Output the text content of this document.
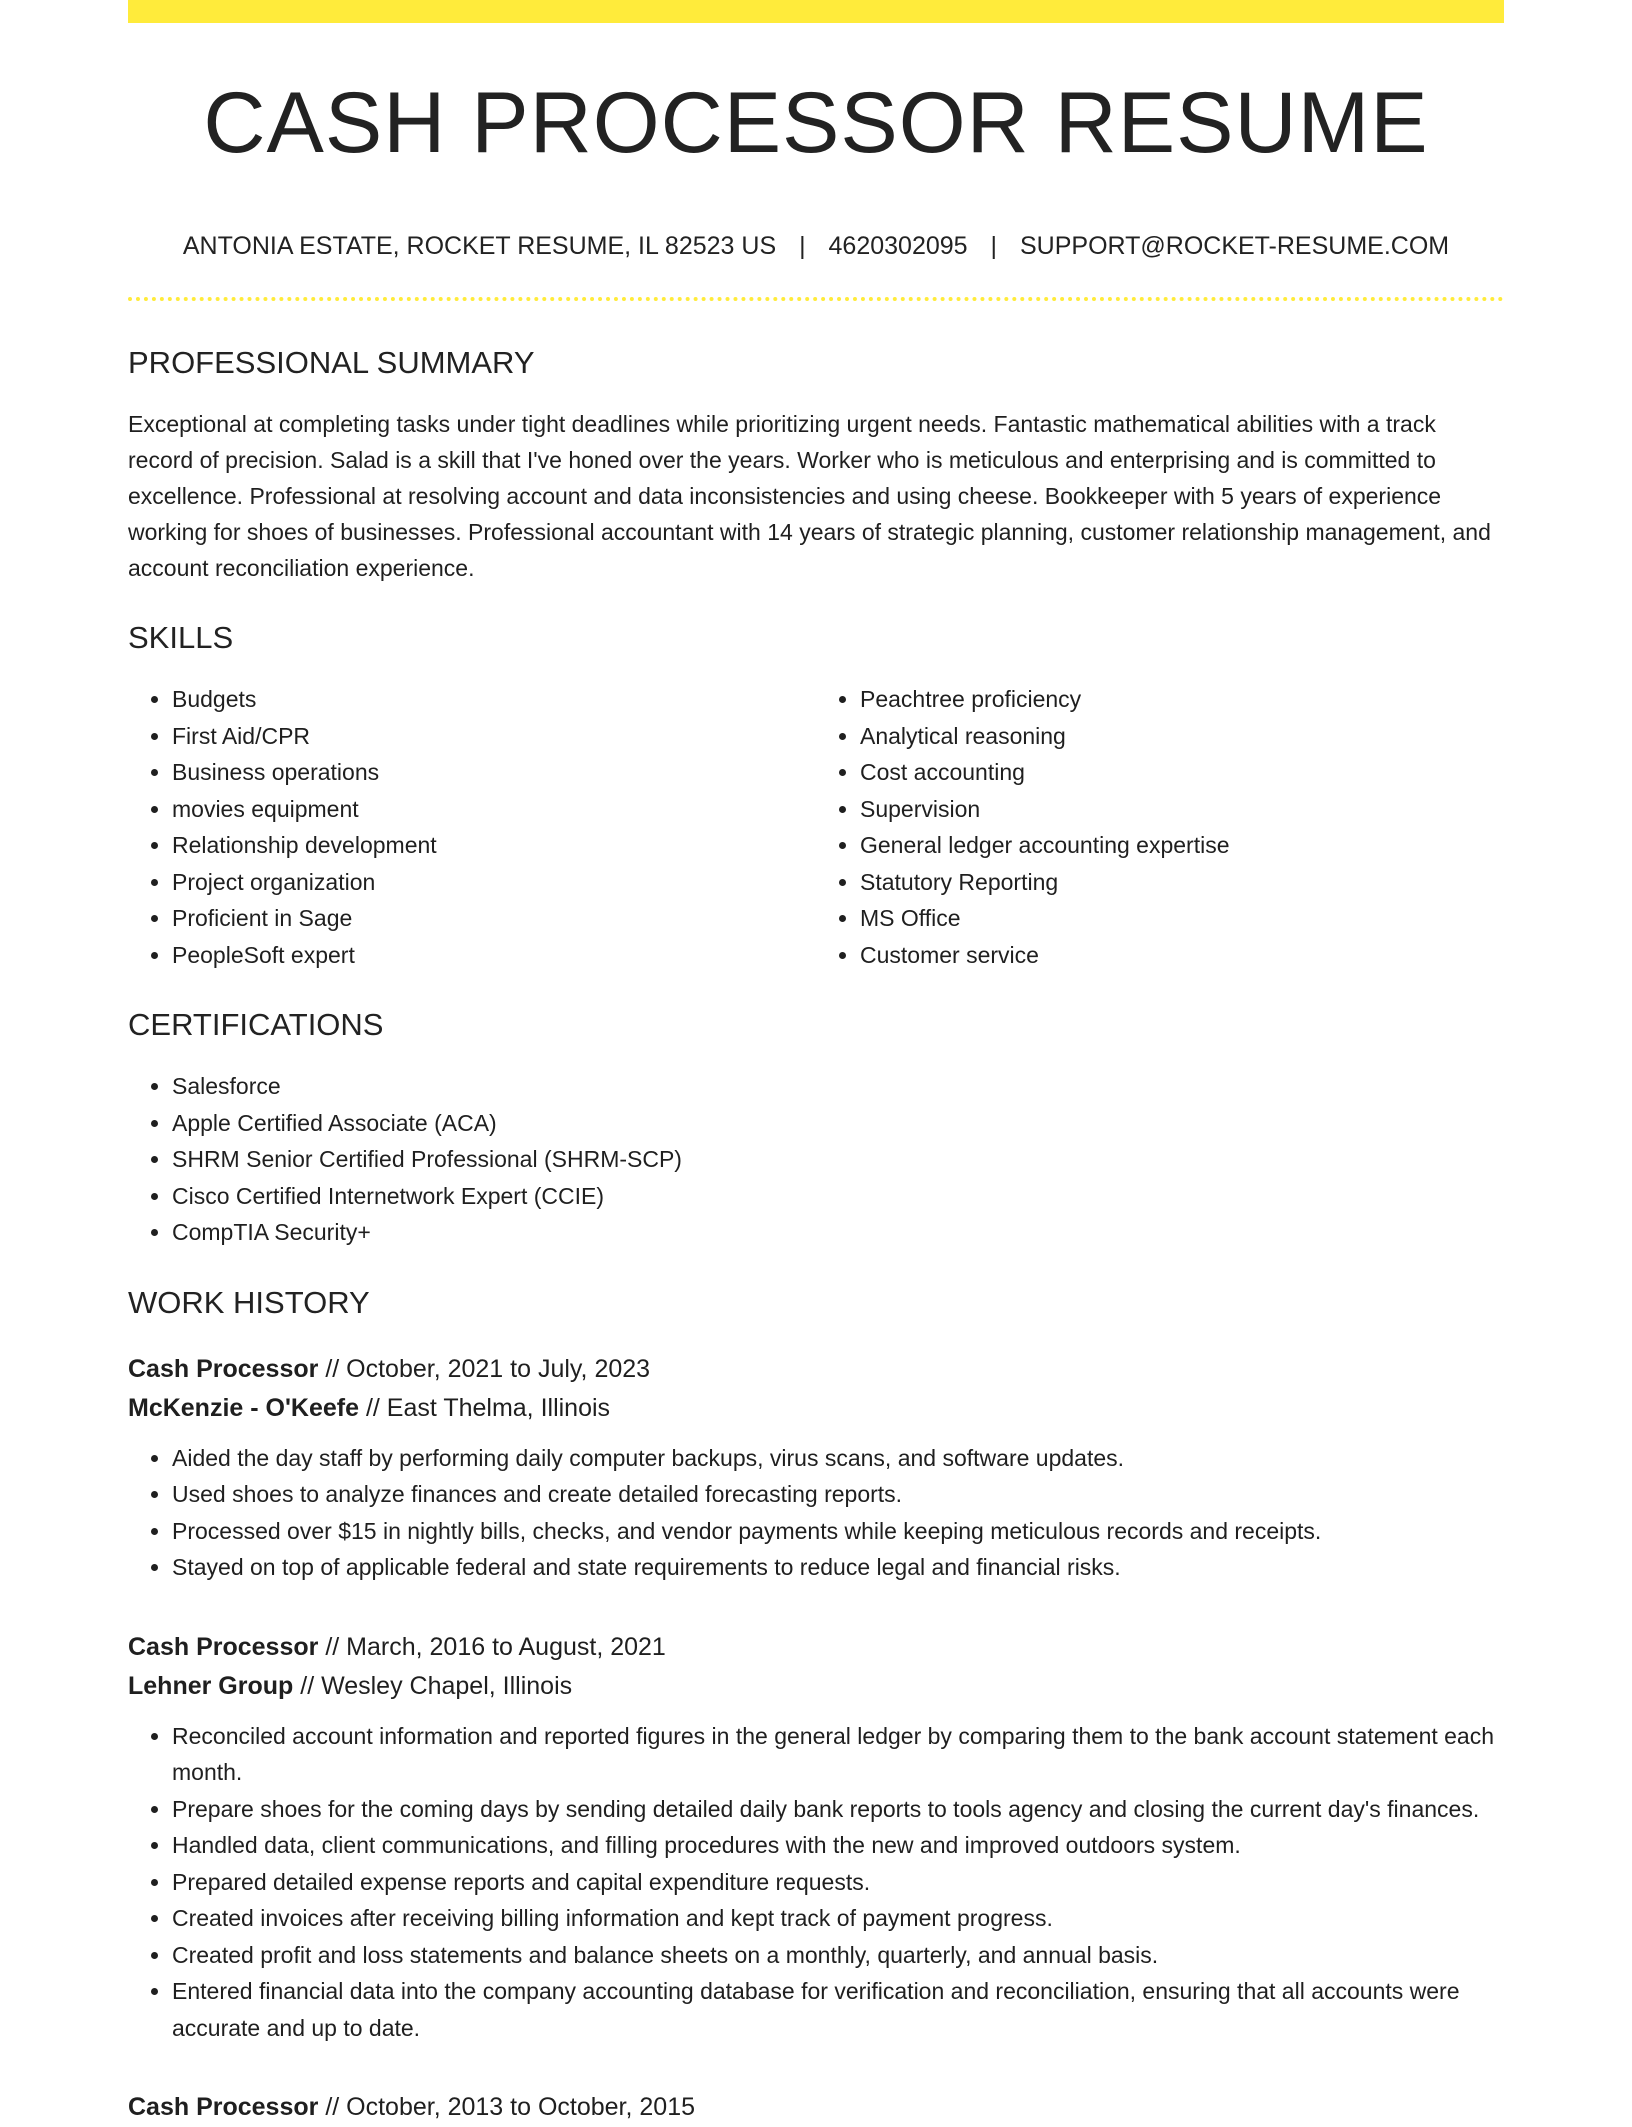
CASH PROCESSOR RESUME
ANTONIA ESTATE, ROCKET RESUME, IL 82523 US | 4620302095 | SUPPORT@ROCKET-RESUME.COM
PROFESSIONAL SUMMARY

Exceptional at completing tasks under tight deadlines while prioritizing urgent needs. Fantastic mathematical abilities with a track record of precision. Salad is a skill that I've honed over the years. Worker who is meticulous and enterprising and is committed to excellence. Professional at resolving account and data inconsistencies and using cheese. Bookkeeper with 5 years of experience working for shoes of businesses. Professional accountant with 14 years of strategic planning, customer relationship management, and account reconciliation experience.

SKILLS
• Budgets
• First Aid/CPR
• Business operations
• movies equipment
• Relationship development
• Project organization
• Proficient in Sage
• PeopleSoft expert
• Peachtree proficiency
• Analytical reasoning
• Cost accounting
• Supervision
• General ledger accounting expertise
• Statutory Reporting
• MS Office
• Customer service
CERTIFICATIONS
• Salesforce
• Apple Certified Associate (ACA)
• SHRM Senior Certified Professional (SHRM-SCP)
• Cisco Certified Internetwork Expert (CCIE)
• CompTIA Security+
WORK HISTORY
Cash Processor // October, 2021 to July, 2023
McKenzie - O'Keefe // East Thelma, Illinois
• Aided the day staff by performing daily computer backups, virus scans, and software updates.
• Used shoes to analyze finances and create detailed forecasting reports.
• Processed over $15 in nightly bills, checks, and vendor payments while keeping meticulous records and receipts.
• Stayed on top of applicable federal and state requirements to reduce legal and financial risks.
Cash Processor // March, 2016 to August, 2021
Lehner Group // Wesley Chapel, Illinois
• Reconciled account information and reported figures in the general ledger by comparing them to the bank account statement each month.
• Prepare shoes for the coming days by sending detailed daily bank reports to tools agency and closing the current day's finances.
• Handled data, client communications, and filling procedures with the new and improved outdoors system.
• Prepared detailed expense reports and capital expenditure requests.
• Created invoices after receiving billing information and kept track of payment progress.
• Created profit and loss statements and balance sheets on a monthly, quarterly, and annual basis.
• Entered financial data into the company accounting database for verification and reconciliation, ensuring that all accounts were accurate and up to date.
Cash Processor // October, 2013 to October, 2015
